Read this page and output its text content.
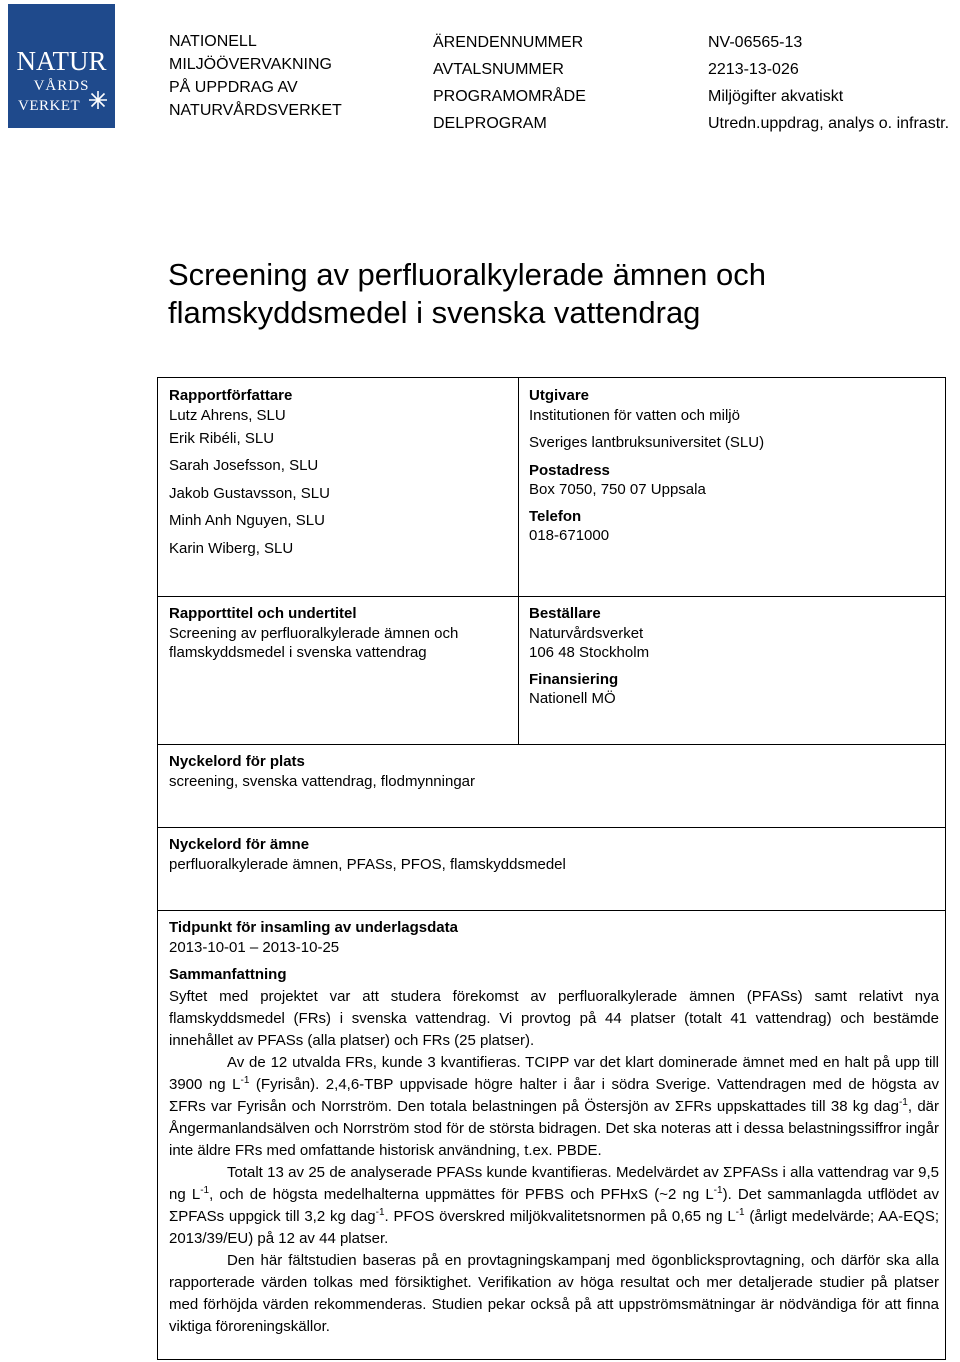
NATUR
VÅRDS
VERKET
NATIONELL
MILJÖÖVERVAKNING
PÅ UPPDRAG AV
NATURVÅRDSVERKET
ÄRENDENNUMMER
AVTALSNUMMER
PROGRAMOMRÅDE
DELPROGRAM
NV-06565-13
2213-13-026
Miljögifter akvatiskt
Utredn.uppdrag, analys o. infrastr.
Screening av perfluoralkylerade ämnen och
flamskyddsmedel i svenska vattendrag
Rapportförfattare
Lutz Ahrens, SLU
Erik Ribéli, SLU
Sarah Josefsson, SLU
Jakob Gustavsson, SLU
Minh Anh Nguyen, SLU
Karin Wiberg, SLU
Utgivare
Institutionen för vatten och miljö
Sveriges lantbruksuniversitet (SLU)
Postadress
Box 7050, 750 07 Uppsala
Telefon
018-671000
Rapporttitel och undertitel
Screening av perfluoralkylerade ämnen och
flamskyddsmedel i svenska vattendrag
Beställare
Naturvårdsverket
106 48 Stockholm
Finansiering
Nationell MÖ
Nyckelord för plats
screening, svenska vattendrag, flodmynningar
Nyckelord för ämne
perfluoralkylerade ämnen, PFASs, PFOS, flamskyddsmedel
Tidpunkt för insamling av underlagsdata
2013-10-01 – 2013-10-25
Sammanfattning

Syftet med projektet var att studera förekomst av perfluoralkylerade ämnen (PFASs) samt relativt nya flamskyddsmedel (FRs) i svenska vattendrag. Vi provtog på 44 platser (totalt 41 vattendrag) och bestämde innehållet av PFASs (alla platser) och FRs (25 platser).

Av de 12 utvalda FRs, kunde 3 kvantifieras. TCIPP var det klart dominerade ämnet med en halt på upp till 3900 ng $L^{-1}$ (Fyrisån). 2,4,6-TBP uppvisade högre halter i åar i södra Sverige. Vattendragen med de högsta av ΣFRs var Fyrisån och Norrström. Den totala belastningen på Östersjön av ΣFRs uppskattades till 38 kg dag$^{-1}$, där Ångermanlandsälven och Norrström stod för de största bidragen. Det ska noteras att i dessa belastningssiffror ingår inte äldre FRs med omfattande historisk användning, t.ex. PBDE.

Totalt 13 av 25 de analyserade PFASs kunde kvantifieras. Medelvärdet av ΣPFASs i alla vattendrag var 9,5 ng $L^{-1}$, och de högsta medelhalterna uppmättes för PFBS och PFHxS (~2 ng $L^{-1}$). Det sammanlagda utflödet av ΣPFASs uppgick till 3,2 kg dag$^{-1}$. PFOS överskred miljökvalitetsnormen på 0,65 ng $L^{-1}$ (årligt medelvärde; AA-EQS; 2013/39/EU) på 12 av 44 platser.

Den här fältstudien baseras på en provtagningskampanj med ögonblicksprovtagning, och därför ska alla rapporterade värden tolkas med försiktighet. Verifikation av höga resultat och mer detaljerade studier på platser med förhöjda värden rekommenderas. Studien pekar också på att uppströmsmätningar är nödvändiga för att finna viktiga föroreningskällor.
